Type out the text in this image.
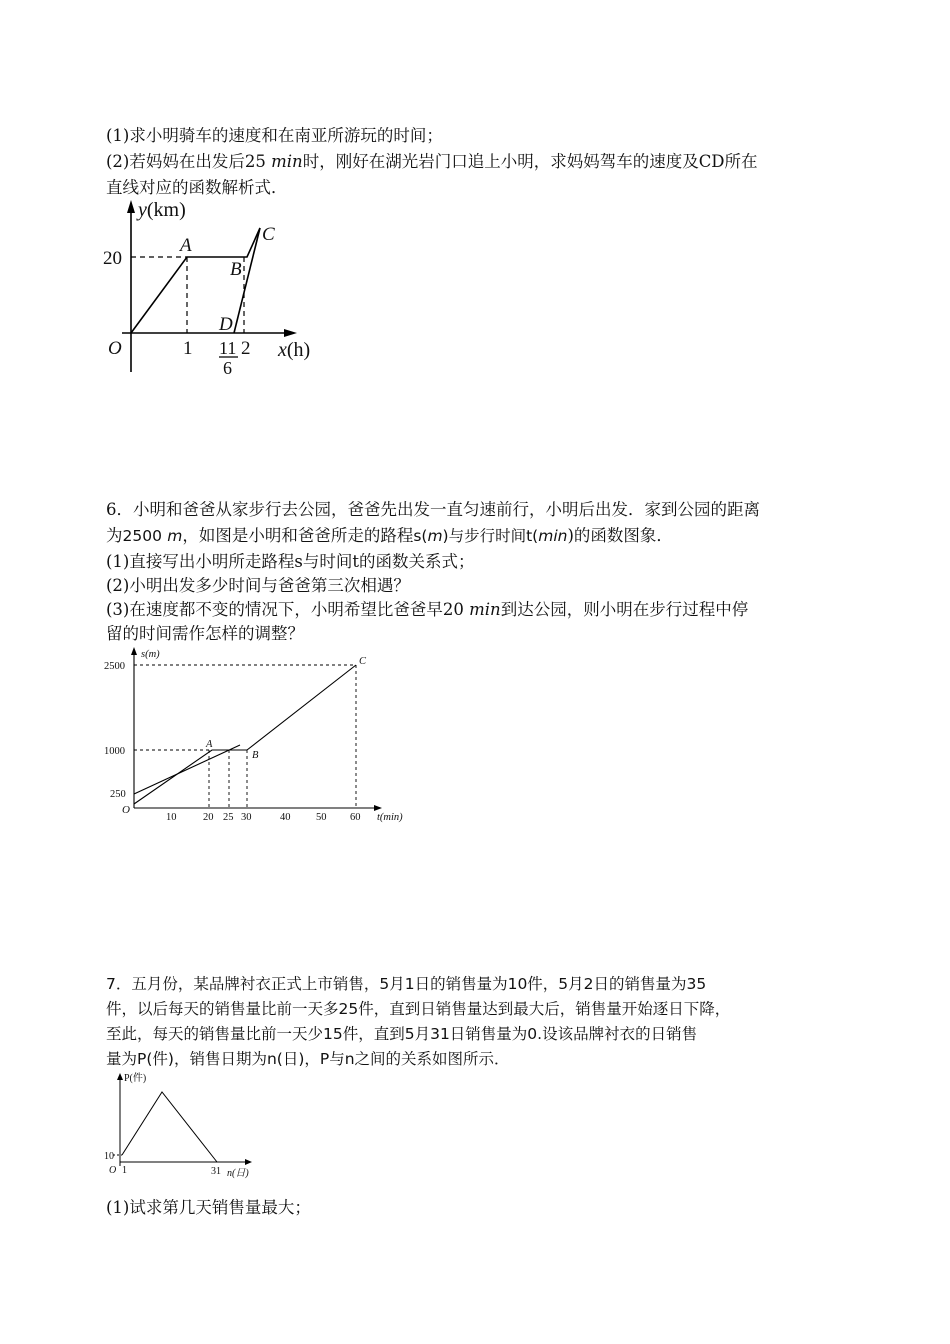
(1)求小明骑车的速度和在南亚所游玩的时间；
(2)若妈妈在出发后25 min时，刚好在湖光岩门口追上小明，求妈妈驾车的速度及CD所在
直线对应的函数解析式．
y(km)
20
O	1 11
6
2 x(h)
A
B
C
D
6．小明和爸爸从家步行去公园，爸爸先出发一直匀速前行，小明后出发．家到公园的距离
为2500 m，如图是小明和爸爸所走的路程s(m)与步行时间t(min)的函数图象．
(1)直接写出小明所走路程s与时间t的函数关系式；
(2)小明出发多少时间与爸爸第三次相遇？
(3)在速度都不变的情况下，小明希望比爸爸早20 min到达公园，则小明在步行过程中停
留的时间需作怎样的调整？
s(m)
2500
1000
250
O
10	20 25 30	40 50 60 t(min)
A
B
C
7．五月份，某品牌衬衣正式上市销售，5月1日的销售量为10件，5月2日的销售量为35
件，以后每天的销售量比前一天多25件，直到日销售量达到最大后，销售量开始逐日下降，
至此，每天的销售量比前一天少15件，直到5月31日销售量为0.设该品牌衬衣的日销售
量为P(件)，销售日期为n(日)，P与n之间的关系如图所示．
P(件)
10
O 1	31 n(日)
(1)试求第几天销售量最大；
